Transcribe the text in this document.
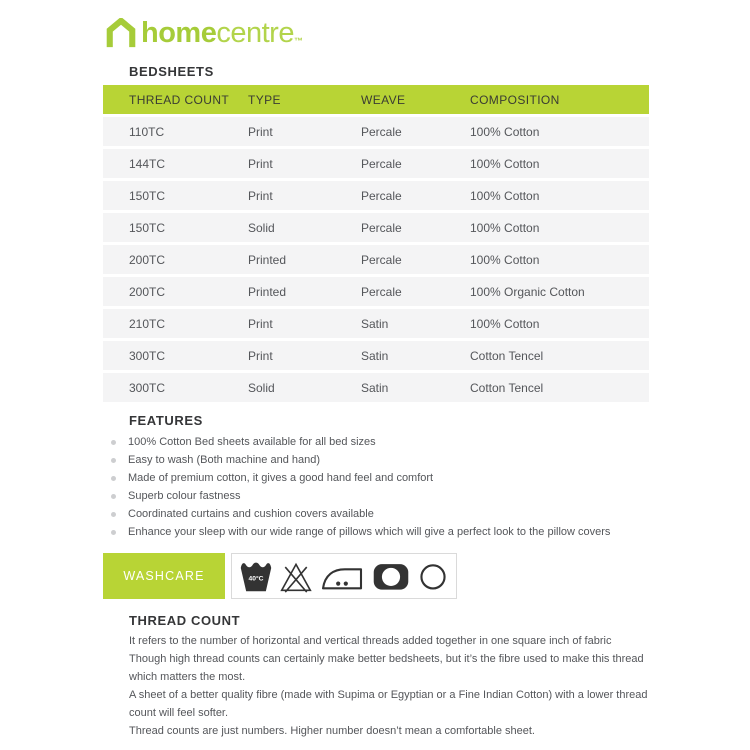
home centre ™
BEDSHEETS
THREAD COUNT	TYPE	WEAVE	COMPOSITION
110TC	Print	Percale	100% Cotton
144TC	Print	Percale	100% Cotton
150TC	Print	Percale	100% Cotton
150TC	Solid	Percale	100% Cotton
200TC	Printed	Percale	100% Cotton
200TC	Printed	Percale	100% Organic Cotton
210TC	Print	Satin	100% Cotton
300TC	Print	Satin	Cotton Tencel
300TC	Solid	Satin	Cotton Tencel
FEATURES
100% Cotton Bed sheets available for all bed sizes
Easy to wash (Both machine and hand)
Made of premium cotton, it gives a good hand feel and comfort
Superb colour fastness
Coordinated curtains and cushion covers available
Enhance your sleep with our wide range of pillows which will give a perfect look to the pillow covers
WASHCARE	40°C
THREAD COUNT

It refers to the number of horizontal and vertical threads added together in one square inch of fabric

Though high thread counts can certainly make better bedsheets, but it’s the fibre used to make this thread which matters the most.

A sheet of a better quality fibre (made with Supima or Egyptian or a Fine Indian Cotton) with a lower thread count will feel softer.

Thread counts are just numbers. Higher number doesn’t mean a comfortable sheet.
